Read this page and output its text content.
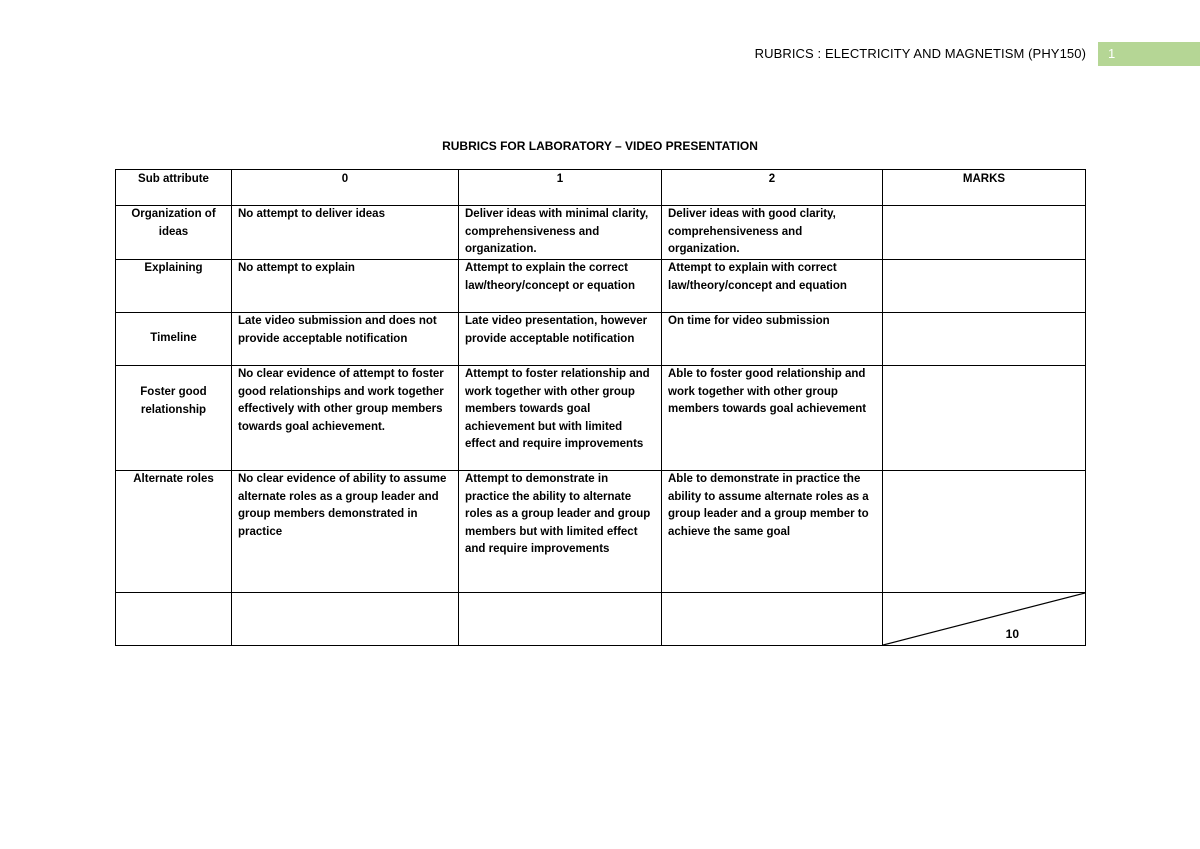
RUBRICS : ELECTRICITY AND MAGNETISM (PHY150)	1
RUBRICS FOR LABORATORY – VIDEO PRESENTATION
Sub attribute	0	1	2	MARKS
Organization of ideas	No attempt to deliver ideas	Deliver ideas with minimal clarity, comprehensiveness and organization.	Deliver ideas with good clarity, comprehensiveness and organization.	
Explaining	No attempt to explain	Attempt to explain the correct law/theory/concept or equation	Attempt to explain with correct law/theory/concept and equation	
Timeline	Late video submission and does not provide acceptable notification	Late video presentation, however provide acceptable notification	On time for video submission	
Foster good relationship	No clear evidence of attempt to foster good relationships and work together effectively with other group members towards goal achievement.	Attempt to foster relationship and work together with other group members towards goal achievement but with limited effect and require improvements	Able to foster good relationship and work together with other group members towards goal achievement	
Alternate roles	No clear evidence of ability to assume alternate roles as a group leader and group members demonstrated in practice	Attempt to demonstrate in practice the ability to alternate roles as a group leader and group members but with limited effect and require improvements	Able to demonstrate in practice the ability to assume alternate roles as a group leader and a group member to achieve the same goal	

				10
